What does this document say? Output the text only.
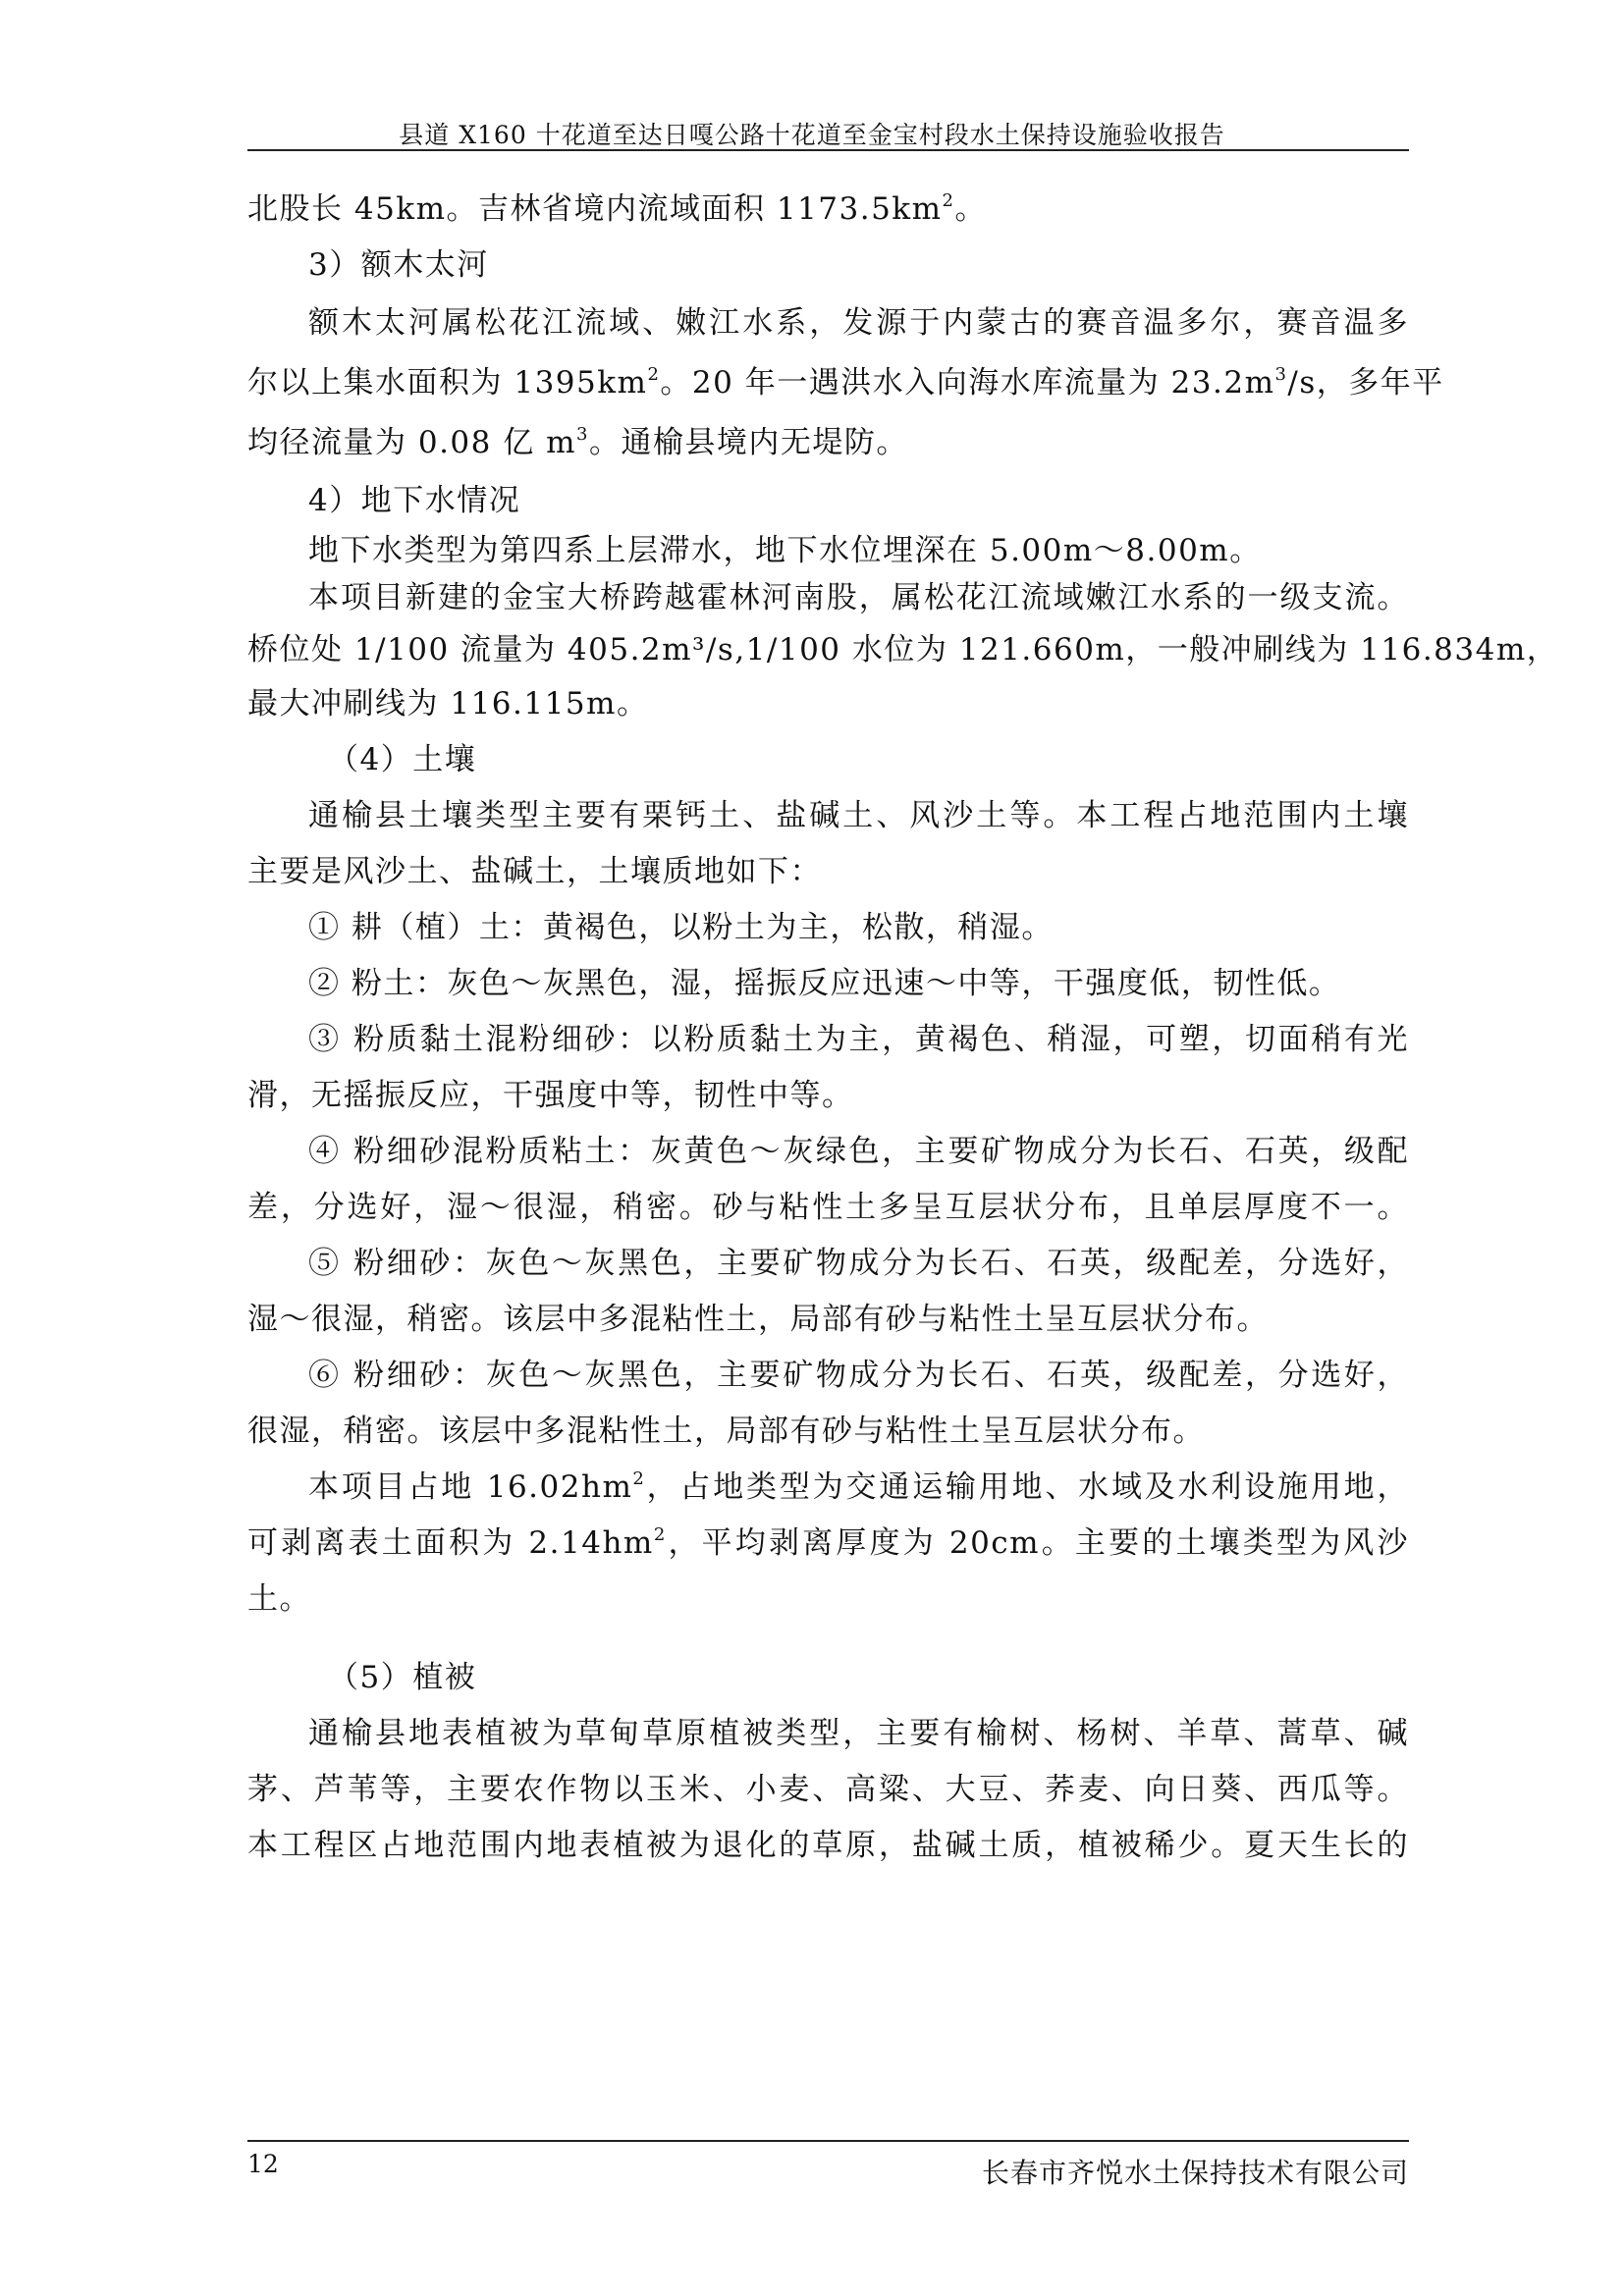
县道 X160 十花道至达日嘎公路十花道至金宝村段水土保持设施验收报告
北股长 45km。吉林省境内流域面积 $1173.5km^2$。
3）额木太河
额木太河属松花江流域、嫩江水系，发源于内蒙古的赛音温多尔，赛音温多
尔以上集水面积为 $1395km^2$。20 年一遇洪水入向海水库流量为 $23.2m^3/s$，多年平
均径流量为 0.08 亿 $m^3$。通榆县境内无堤防。
4）地下水情况
地下水类型为第四系上层滞水，地下水位埋深在 5.00m～8.00m。
本项目新建的金宝大桥跨越霍林河南股，属松花江流域嫩江水系的一级支流。
桥位处 1/100 流量为 405.2m³/s,1/100 水位为 121.660m，一般冲刷线为 116.834m，
最大冲刷线为 116.115m。
（4）土壤
通榆县土壤类型主要有栗钙土、盐碱土、风沙土等。本工程占地范围内土壤
主要是风沙土、盐碱土，土壤质地如下：
① 耕（植）土：黄褐色，以粉土为主，松散，稍湿。
② 粉土：灰色～灰黑色，湿，摇振反应迅速～中等，干强度低，韧性低。
③ 粉质黏土混粉细砂：以粉质黏土为主，黄褐色、稍湿，可塑，切面稍有光
滑，无摇振反应，干强度中等，韧性中等。
④ 粉细砂混粉质粘土：灰黄色～灰绿色，主要矿物成分为长石、石英，级配
差，分选好，湿～很湿，稍密。砂与粘性土多呈互层状分布，且单层厚度不一。
⑤ 粉细砂：灰色～灰黑色，主要矿物成分为长石、石英，级配差，分选好，
湿～很湿，稍密。该层中多混粘性土，局部有砂与粘性土呈互层状分布。
⑥ 粉细砂：灰色～灰黑色，主要矿物成分为长石、石英，级配差，分选好，
很湿，稍密。该层中多混粘性土，局部有砂与粘性土呈互层状分布。
本项目占地 $16.02hm^2$，占地类型为交通运输用地、水域及水利设施用地，
可剥离表土面积为 $2.14hm^2$，平均剥离厚度为 20cm。主要的土壤类型为风沙
土。
（5）植被
通榆县地表植被为草甸草原植被类型，主要有榆树、杨树、羊草、蒿草、碱
茅、芦苇等，主要农作物以玉米、小麦、高粱、大豆、荞麦、向日葵、西瓜等。
本工程区占地范围内地表植被为退化的草原，盐碱土质，植被稀少。夏天生长的
12	长春市齐悦水土保持技术有限公司
